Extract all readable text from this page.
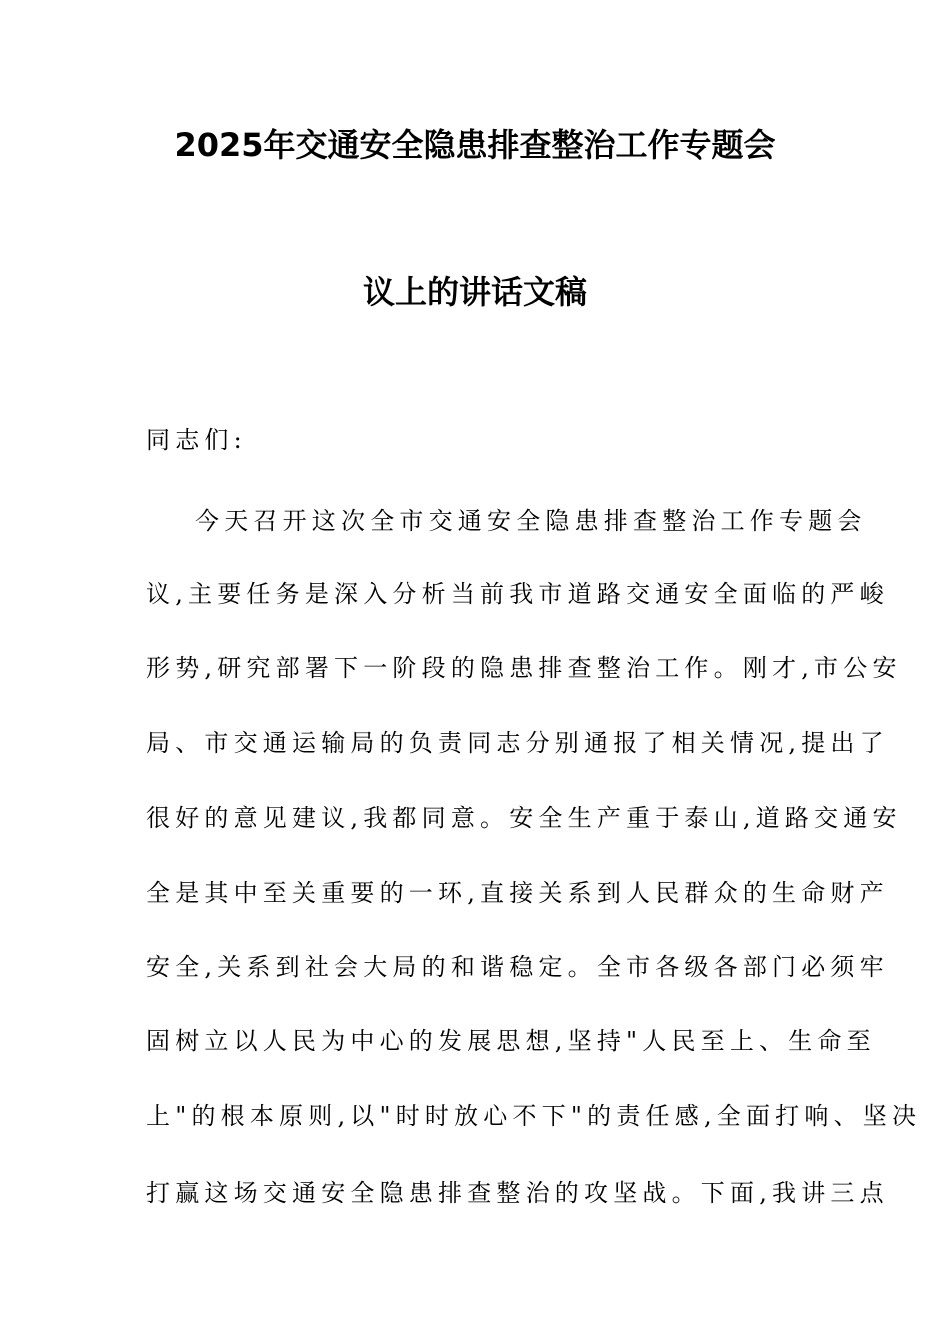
2025年交通安全隐患排查整治工作专题会
议上的讲话文稿
同志们:
今天召开这次全市交通安全隐患排查整治工作专题会
议,主要任务是深入分析当前我市道路交通安全面临的严峻
形势,研究部署下一阶段的隐患排查整治工作。刚才,市公安
局、市交通运输局的负责同志分别通报了相关情况,提出了
很好的意见建议,我都同意。安全生产重于泰山,道路交通安
全是其中至关重要的一环,直接关系到人民群众的生命财产
安全,关系到社会大局的和谐稳定。全市各级各部门必须牢
固树立以人民为中心的发展思想,坚持"人民至上、生命至
上"的根本原则,以"时时放心不下"的责任感,全面打响、坚决
打赢这场交通安全隐患排查整治的攻坚战。下面,我讲三点
